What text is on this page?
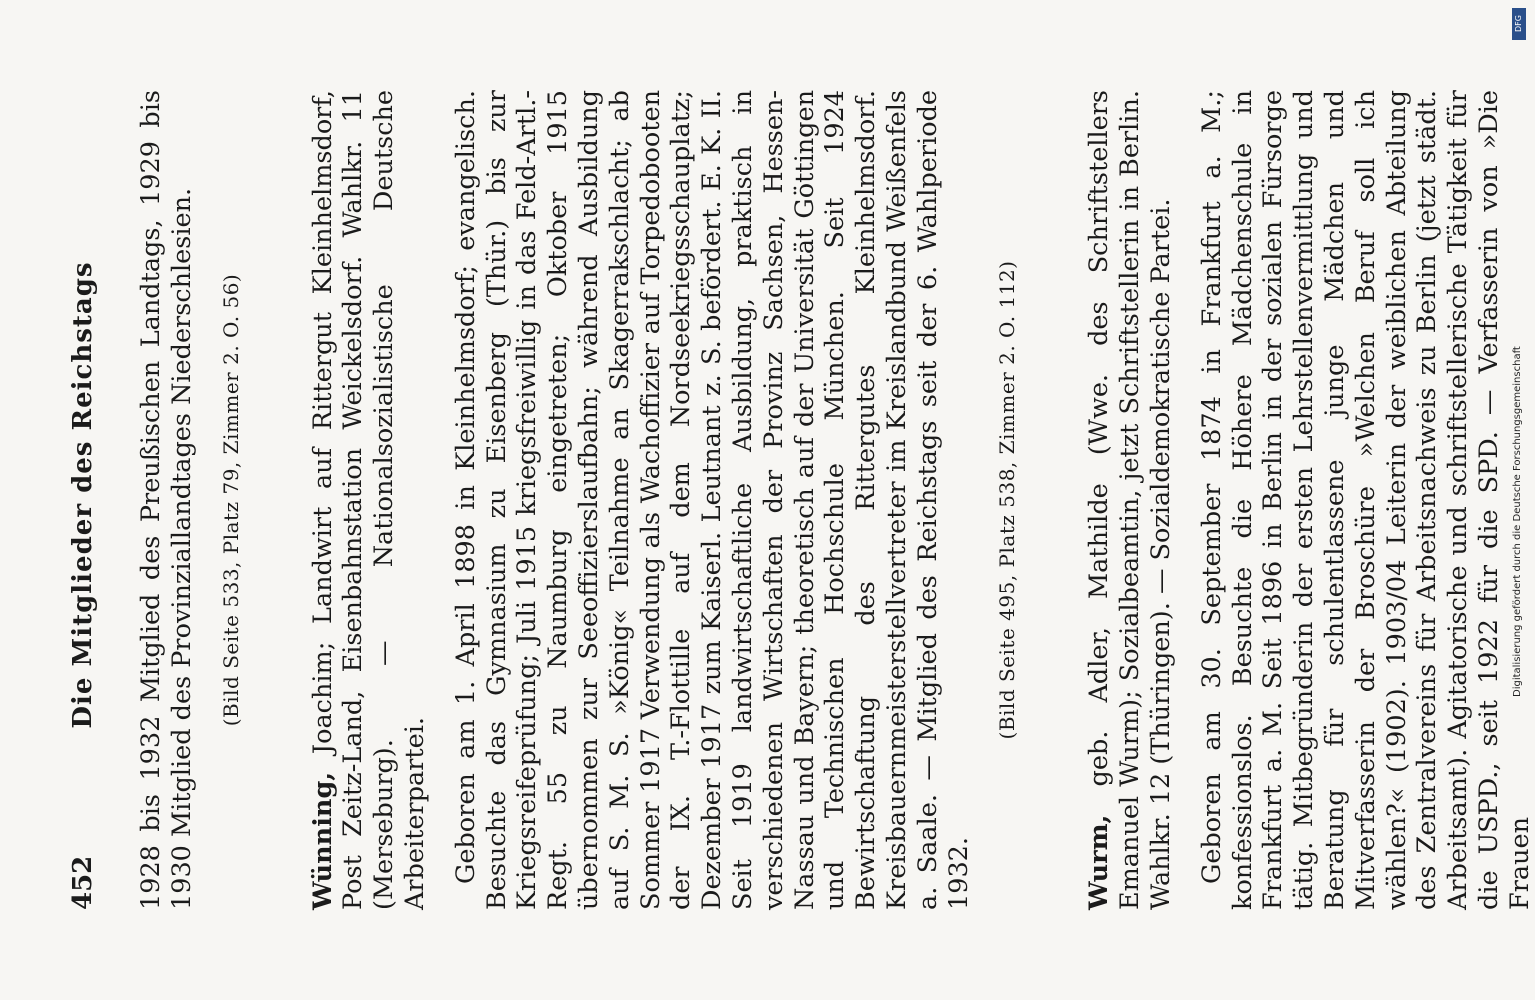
DFG
Digitalisierung gefördert durch die Deutsche Forschungsgemeinschaft
452
Die Mitglieder des Reichstags 1928 bis 1932 Mitglied des Preußischen Landtags, 1929 bis 1930 Mitglied des Provinziallandtages Niederschlesien. (Bild Seite 533, Platz 79, Zimmer 2. O. 56)

Wünning, Joachim; Landwirt auf Rittergut Kleinhelmsdorf, Post Zeitz-Land, Eisenbahnstation Weickelsdorf. Wahlkr. 11 (Merseburg). — Nationalsozialistische Deutsche Arbeiterpartei. Geboren am 1. April 1898 in Kleinhelmsdorf; evangelisch. Besuchte das Gymnasium zu Eisenberg (Thür.) bis zur Kriegsreifeprüfung; Juli 1915 kriegsfreiwillig in das Feld-Artl.-Regt. 55 zu Naumburg eingetreten; Oktober 1915 übernommen zur Seeoffizierslaufbahn; während Ausbildung auf S. M. S. »König« Teilnahme an Skagerrakschlacht; ab Sommer 1917 Verwendung als Wachoffizier auf Torpedobooten der IX. T.-Flottille auf dem Nordseekriegsschauplatz; Dezember 1917 zum Kaiserl. Leutnant z. S. befördert. E. K. II. Seit 1919 landwirtschaftliche Ausbildung, praktisch in verschiedenen Wirtschaften der Provinz Sachsen, Hessen-Nassau und Bayern; theoretisch auf der Universität Göttingen und Technischen Hochschule München. Seit 1924 Bewirtschaftung des Rittergutes Kleinhelmsdorf. Kreisbauernmeisterstellvertreter im Kreislandbund Weißenfels a. Saale. — Mitglied des Reichstags seit der 6. Wahlperiode 1932.

(Bild Seite 495, Platz 538, Zimmer 2. O. 112)

Wurm, geb. Adler, Mathilde (Wwe. des Schriftstellers Emanuel Wurm); Sozialbeamtin, jetzt Schriftstellerin in Berlin. Wahlkr. 12 (Thüringen). — Sozialdemokratische Partei. Geboren am 30. September 1874 in Frankfurt a. M.; konfessionslos. Besuchte die Höhere Mädchenschule in Frankfurt a. M. Seit 1896 in Berlin in der sozialen Fürsorge tätig. Mitbegründerin der ersten Lehrstellenvermittlung und Beratung für schulentlassene junge Mädchen und Mitverfasserin der Broschüre »Welchen Beruf soll ich wählen?« (1902). 1903/04 Leiterin der weiblichen Abteilung des Zentralvereins für Arbeitsnachweis zu Berlin (jetzt städt. Arbeitsamt). Agitatorische und schriftstellerische Tätigkeit für die USPD., seit 1922 für die SPD. — Verfasserin von »Die Frauen
